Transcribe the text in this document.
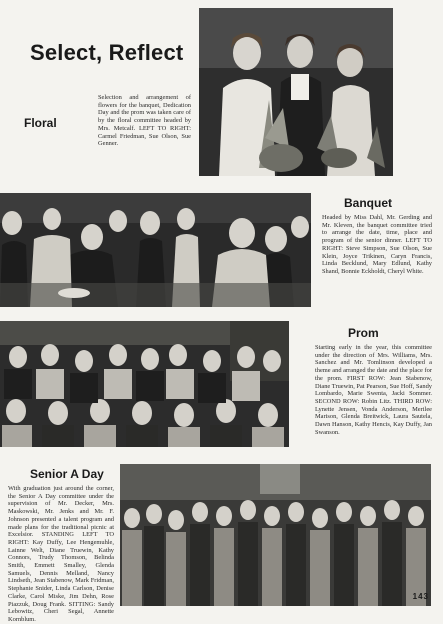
Select, Reflect
Selection and arrangement of flowers for the banquet, Dedication Day and the prom was taken care of by the floral committee headed by Mrs. Metcalf. LEFT TO RIGHT: Carmel Friedman, Sue Olson, Sue Genner.
Floral
Banquet
Headed by Miss Dahl, Mr. Gerding and Mr. Kleven, the banquet committee tried to arrange the date, time, place and program of the senior dinner. LEFT TO RIGHT: Steve Simpson, Sue Olson, Sue Klein, Joyce Trikinen, Caryn Francis, Linda Becklund, Mary Edlund, Kathy Shand, Bonnie Eckholdt, Cheryl White.
Prom
Starting early in the year, this committee under the direction of Mrs. Williams, Mrs. Sanchez and Mr. Tomlinson developed a theme and arranged the date and the place for the prom. FIRST ROW: Jean Stabenow, Diane Truewin, Pat Pearson, Sue Hoff, Sandy Lombardo, Marie Swenta, Jacki Sommer. SECOND ROW: Robin Litz. THIRD ROW: Lynette Jensen, Vonda Anderson, Merilee Marison, Glenda Breitwick, Laura Sautela, Dawn Hanson, Kathy Hencis, Kay Duffy, Jan Swanson.
Senior A Day
With graduation just around the corner, the Senior A Day committee under the supervision of Mr. Decker, Mrs. Maskowski, Mr. Jenks and Mr. F. Johnson presented a talent program and made plans for the traditional picnic at Excelsior. STANDING LEFT TO RIGHT: Kay Duffy, Lee Hengemuhle, Lainne Welt, Diane Truewin, Kathy Connors, Trudy Thomson, Belinda Smith, Emmett Smalley, Glenda Samuels, Dennis Melland, Nancy Lindseth, Jean Stabenow, Mark Fridman, Stephanie Snider, Linda Carlson, Denise Clarke, Carol Miske, Jim Dehn, Rose Piazzuk, Doug Frank. SITTING: Sandy Lebowitz, Cheri Segal, Annette Kornblum.
143
